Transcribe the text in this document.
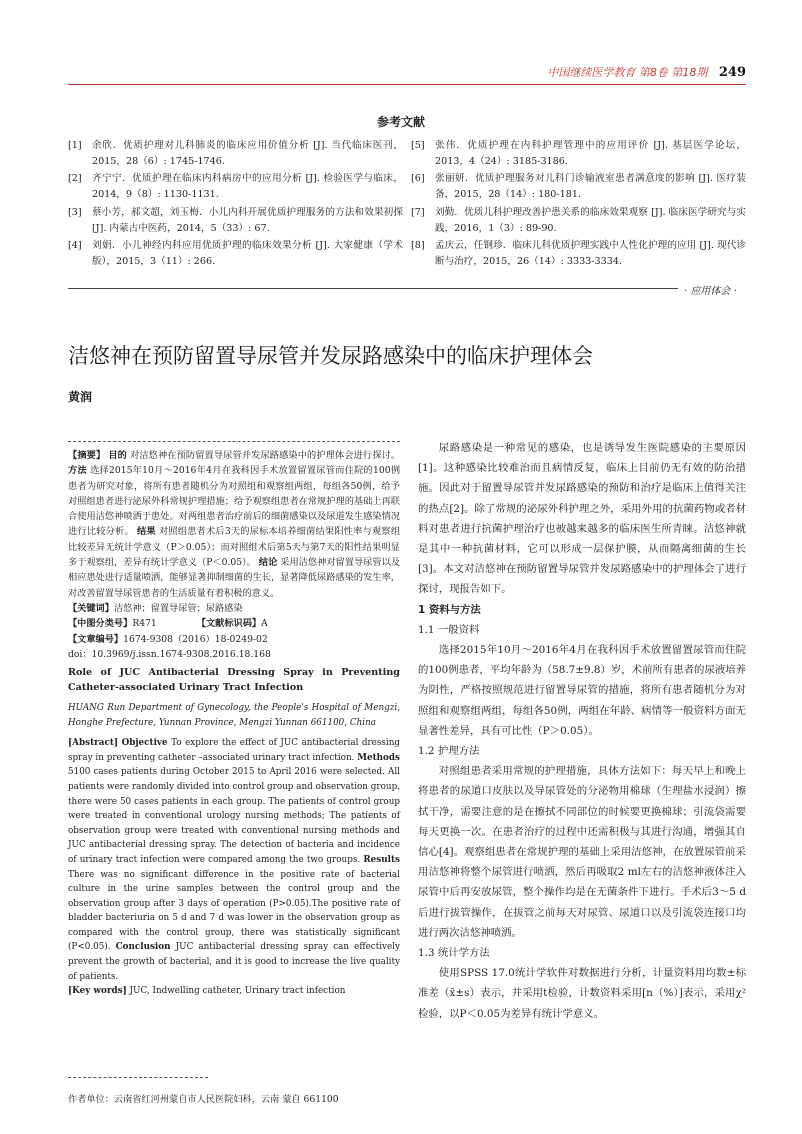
中国继续医学教育 第8卷 第18期 249
参考文献
[1]	余欣．优质护理对儿科肺炎的临床应用价值分析 [J]. 当代临床医刊，2015，28（6）: 1745-1746.
[5]	张伟．优质护理在内科护理管理中的应用评价 [J]. 基层医学论坛，2013，4（24）: 3185-3186.
[2]	齐宁宁．优质护理在临床内科病房中的应用分析 [J]. 检验医学与临床，2014，9（8）: 1130-1131.
[6]	张丽妍．优质护理服务对儿科门诊输液室患者满意度的影响 [J]. 医疗装备，2015，28（14）: 180-181.
[3]	蔡小芳，郝文超，刘玉梅．小儿内科开展优质护理服务的方法和效果初探 [J]. 内蒙古中医药，2014，5（33）: 67.
[7]	刘勤．优质儿科护理改善护患关系的临床效果观察 [J]. 临床医学研究与实践，2016，1（3）: 89-90.
[4]	刘娟．小儿神经内科应用优质护理的临床效果分析 [J]. 大家健康（学术版），2015，3（11）: 266.
[8]	孟庆云，任钢珍．临床儿科优质护理实践中人性化护理的应用 [J]. 现代诊断与治疗，2015，26（14）: 3333-3334.
· 应用体会 ·
洁悠神在预防留置导尿管并发尿路感染中的临床护理体会
黄润

【摘要】 目的 对洁悠神在预防留置导尿管并发尿路感染中的护理体会进行探讨。 方法 选择2015年10月～2016年4月在我科因手术放置留置尿管而住院的100例患者为研究对象，将所有患者随机分为对照组和观察组两组，每组各50例，给予对照组患者进行泌尿外科常规护理措施；给予观察组患者在常规护理的基础上再联合使用洁悠神喷洒于患处。对两组患者治疗前后的细菌感染以及尿道发生感染情况进行比较分析。 结果 对照组患者术后3天的尿标本培养细菌结果阳性率与观察组比较差异无统计学意义（P＞0.05）；而对照组术后第5天与第7天的阳性结果明显多于观察组，差异有统计学意义（P＜0.05）。 结论 采用洁悠神对留置导尿管以及相应患处进行适量喷洒，能够显著抑制细菌的生长，显著降低尿路感染的发生率，对改善留置导尿管患者的生活质量有着积极的意义。

【关键词】洁悠神；留置导尿管；尿路感染

【中图分类号】R471	【文献标识码】A

【文章编号】1674-9308（2016）18-0249-02

doi：10.3969/j.issn.1674-9308.2016.18.168

Role of JUC Antibacterial Dressing Spray in Preventing Catheter-associated Urinary Tract Infection

HUANG Run Department of Gynecology, the People's Hospital of Mengzi, Honghe Prefecture, Yunnan Province, Mengzi Yunnan 661100, China

[Abstract] Objective To explore the effect of JUC antibacterial dressing spray in preventing catheter –associated urinary tract infection. Methods 5100 cases patients during October 2015 to April 2016 were selected. All patients were randomly divided into control group and observation group, there were 50 cases patients in each group. The patients of control group were treated in conventional urology nursing methods; The patients of observation group were treated with conventional nursing methods and JUC antibacterial dressing spray. The detection of bacteria and incidence of urinary tract infection were compared among the two groups. Results There was no significant difference in the positive rate of bacterial culture in the urine samples between the control group and the observation group after 3 days of operation (P>0.05).The positive rate of bladder bacteriuria on 5 d and 7 d was lower in the observation group as compared with the control group, there was statistically significant (P<0.05). Conclusion JUC antibacterial dressing spray can effectively prevent the growth of bacterial, and it is good to increase the live quality of patients.

[Key words] JUC, Indwelling catheter, Urinary tract infection

作者单位：云南省红河州蒙自市人民医院妇科，云南 蒙自 661100

尿路感染是一种常见的感染，也是诱导发生医院感染的主要原因[1]。这种感染比较难治而且病情反复，临床上目前仍无有效的防治措施。因此对于留置导尿管并发尿路感染的预防和治疗是临床上值得关注的热点[2]。除了常规的泌尿外科护理之外，采用外用的抗菌药物或者材料对患者进行抗菌护理治疗也被越来越多的临床医生所青睐。洁悠神就是其中一种抗菌材料，它可以形成一层保护膜，从而隔离细菌的生长[3]。本文对洁悠神在预防留置导尿管并发尿路感染中的护理体会了进行探讨，现报告如下。

1 资料与方法

1.1 一般资料

选择2015年10月～2016年4月在我科因手术放置留置尿管而住院的100例患者，平均年龄为（58.7±9.8）岁，术前所有患者的尿液培养为阴性，严格按照规范进行留置导尿管的措施，将所有患者随机分为对照组和观察组两组，每组各50例，两组在年龄、病情等一般资料方面无显著性差异，具有可比性（P＞0.05）。

1.2 护理方法

对照组患者采用常规的护理措施，具体方法如下：每天早上和晚上将患者的尿道口皮肤以及导尿管处的分泌物用棉球（生理盐水浸润）擦拭干净，需要注意的是在擦拭不同部位的时候要更换棉球；引流袋需要每天更换一次。在患者治疗的过程中还需积极与其进行沟通，增强其自信心[4]。观察组患者在常规护理的基础上采用洁悠神，在放置尿管前采用洁悠神将整个尿管进行喷洒，然后再吸取2 ml左右的洁悠神液体注入尿管中后再安放尿管，整个操作均是在无菌条件下进行。手术后3～5 d后进行拔管操作，在拔管之前每天对尿管、尿道口以及引流袋连接口均进行两次洁悠神喷洒。

1.3 统计学方法

使用SPSS 17.0统计学软件对数据进行分析，计量资料用均数±标准差（x̄±s）表示，并采用t检验，计数资料采用[n（%）]表示，采用χ²检验，以P＜0.05为差异有统计学意义。
